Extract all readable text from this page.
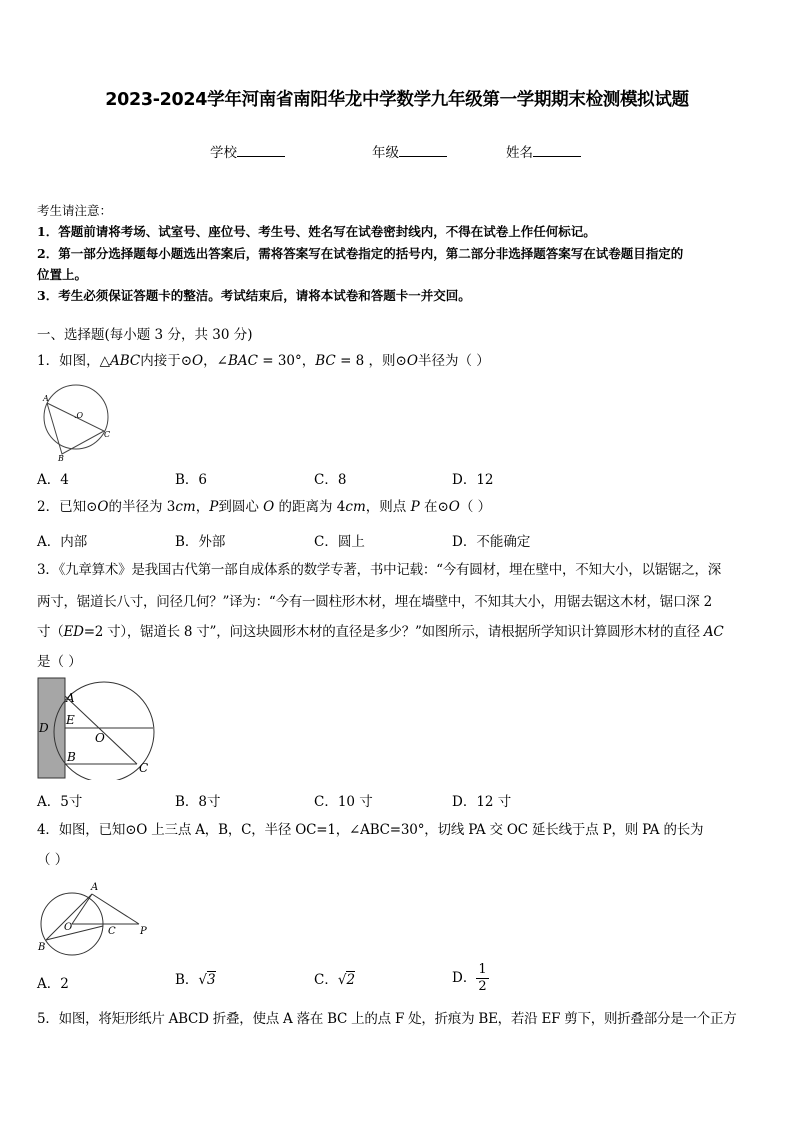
2023-2024学年河南省南阳华龙中学数学九年级第一学期期末检测模拟试题
学校	年级	姓名
考生请注意：
1．答题前请将考场、试室号、座位号、考生号、姓名写在试卷密封线内，不得在试卷上作任何标记。
2．第一部分选择题每小题选出答案后，需将答案写在试卷指定的括号内，第二部分非选择题答案写在试卷题目指定的
位置上。
3．考生必须保证答题卡的整洁。考试结束后，请将本试卷和答题卡一并交回。
一、选择题(每小题 3 分，共 30 分)
1．如图，△ABC内接于⊙O，∠BAC = 30°，BC = 8 ，则⊙O半径为（ ）
A
B
C
.O
A．4	B．6	C．8	D．12
2．已知⊙O的半径为 3cm，P到圆心 O 的距离为 4cm，则点 P 在⊙O（ ）
A．内部	B．外部	C．圆上	D．不能确定
3．《九章算术》是我国古代第一部自成体系的数学专著，书中记载：“今有圆材，埋在壁中，不知大小，以锯锯之，深
两寸，锯道长八寸，问径几何？”译为：“今有一圆柱形木材，埋在墙壁中，不知其大小，用锯去锯这木材，锯口深 2
寸（ED=2 寸），锯道长 8 寸”，问这块圆形木材的直径是多少？”如图所示，请根据所学知识计算圆形木材的直径 AC
是（ ）
A
D
E
O
B
C
A．5寸	B．8寸	C．10 寸	D．12 寸
4．如图，已知⊙O 上三点 A，B，C，半径 OC=1，∠ABC=30°，切线 PA 交 OC 延长线于点 P，则 PA 的长为
（ ）
A
B
O	C P
A．2	B．√3	C．√2	D． $\frac{1}{2}$
5．如图，将矩形纸片 ABCD 折叠，使点 A 落在 BC 上的点 F 处，折痕为 BE，若沿 EF 剪下，则折叠部分是一个正方
